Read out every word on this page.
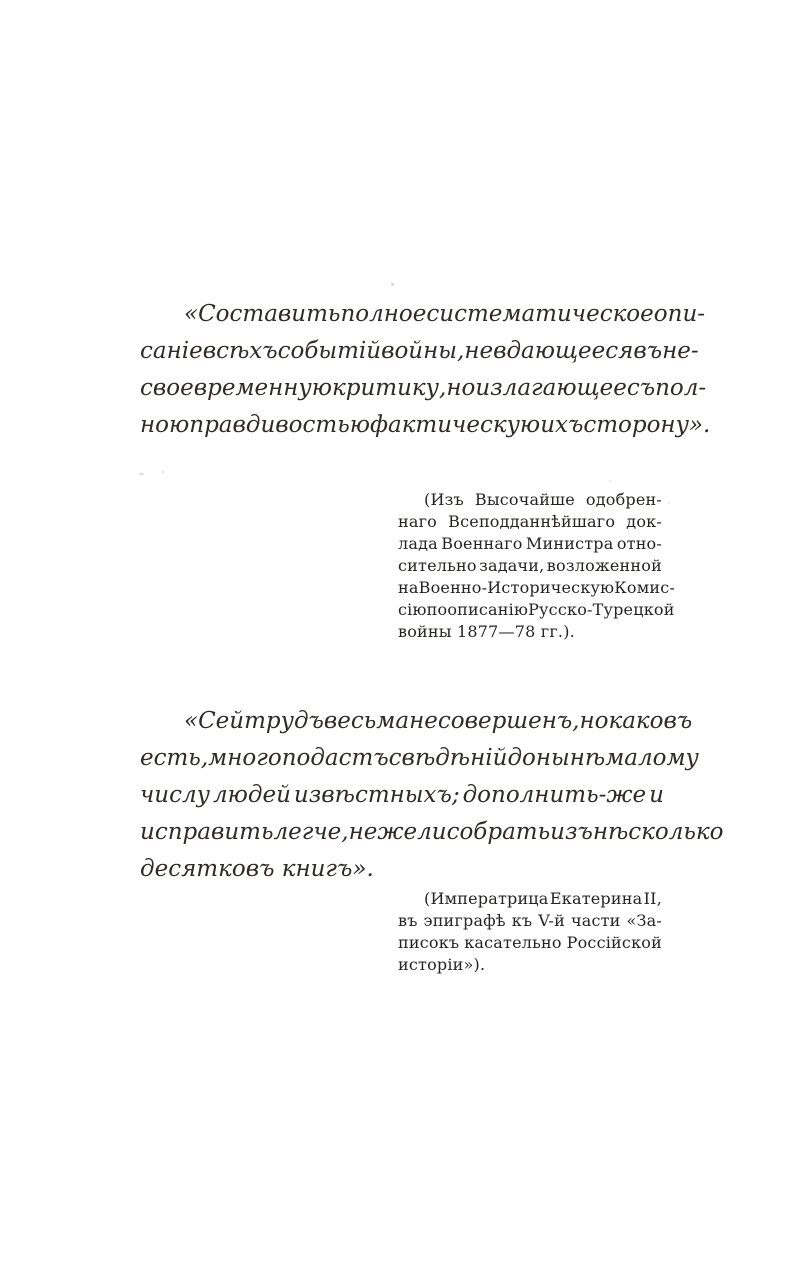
«Составить полное систематическое опи-
саніе всѣхъ событій войны, не вдающееся въ не-
своевременную критику, но излагающее съ пол-
ною правдивостью фактическую ихъ сторону».
(Изъ Высочайше одобрен-
наго Всеподданнѣйшаго док-
лада Военнаго Министра отно-
сительно задачи, возложенной
на Военно-Историческую Комис-
сію по описанію Русско-Турецкой
войны 1877—78 гг.).
«Сей трудъ весьма несовершенъ, но каковъ
есть, много подастъ свѣдѣній до нынѣ малому
числу людей извѣстныхъ; дополнить-же и
исправить легче, нежели собрать изъ нѣсколько
десятковъ книгъ».
(Императрица Екатерина II,
въ эпиграфѣ къ V-й части «За-
писокъ касательно Россійской
исторіи»).
